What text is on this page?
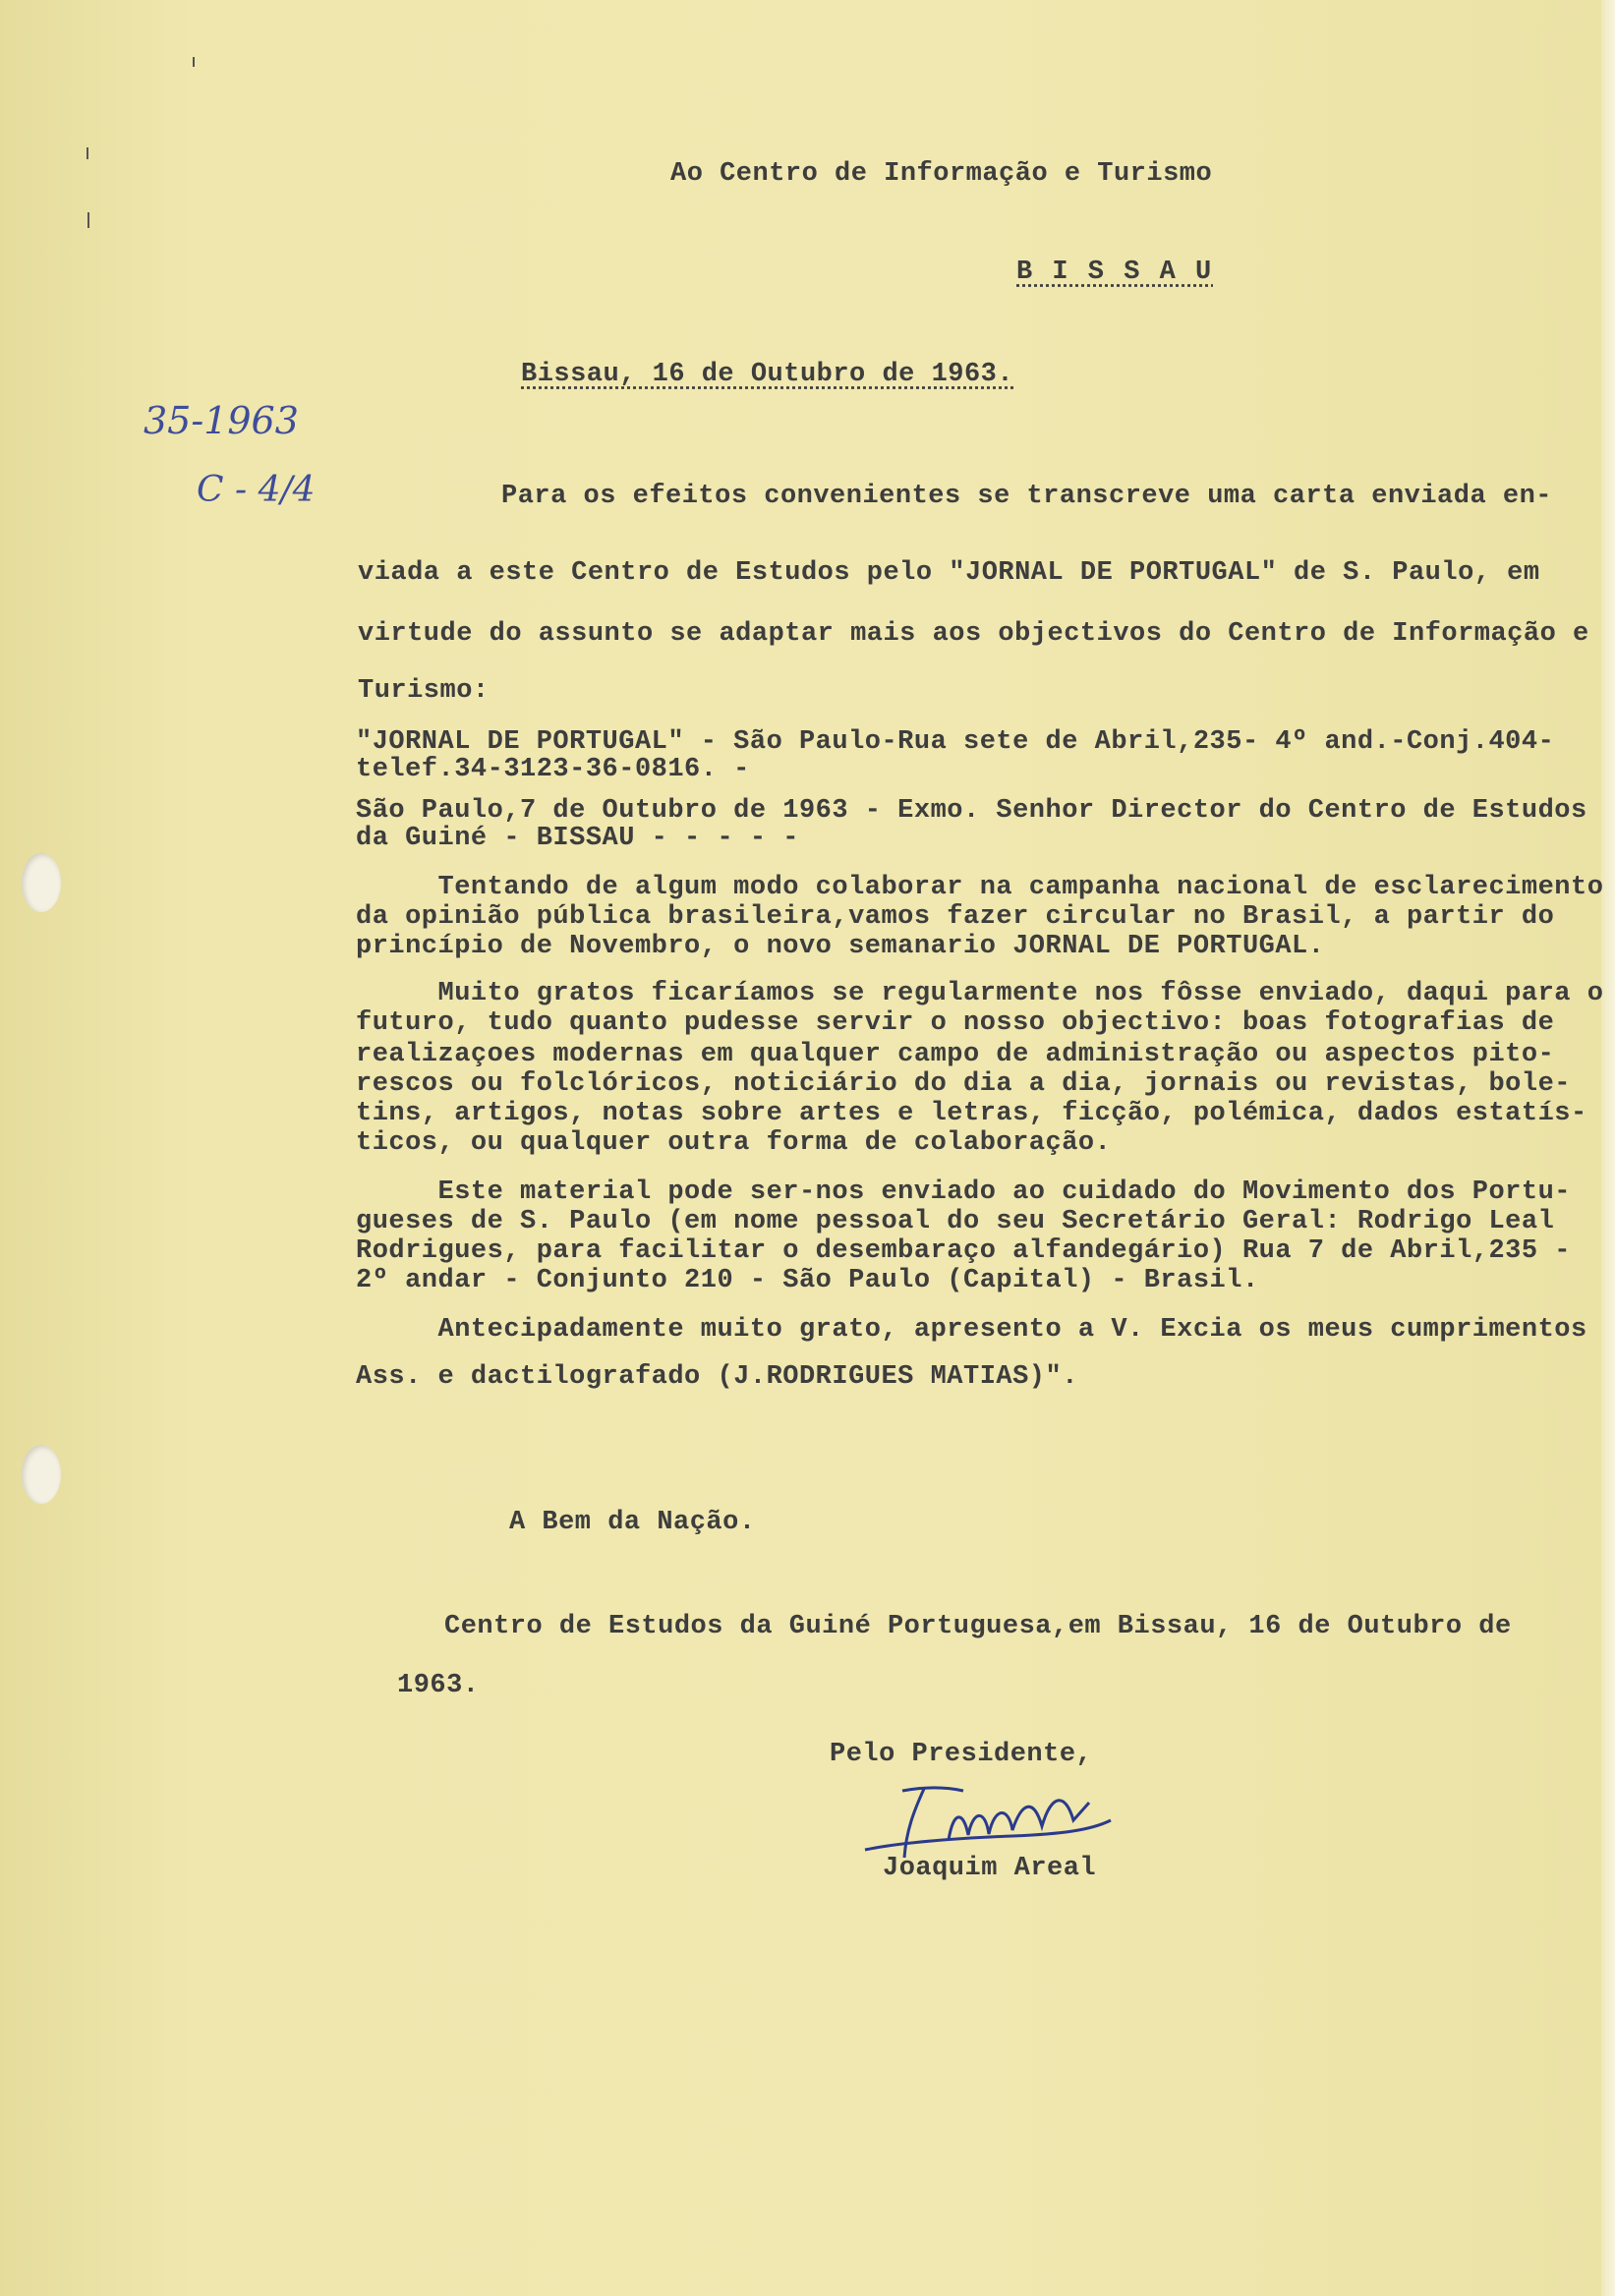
Ao Centro de Informação e Turismo

B I S S A U

Bissau, 16 de Outubro de 1963.

35-1963
C - 4/4	Para os efeitos convenientes se transcreve uma carta enviada en-

viada a este Centro de Estudos pelo "JORNAL DE PORTUGAL" de S. Paulo, em

virtude do assunto se adaptar mais aos objectivos do Centro de Informação e

Turismo:

"JORNAL DE PORTUGAL" - São Paulo-Rua sete de Abril,235- 4º and.-Conj.404-

telef.34-3123-36-0816. -

São Paulo,7 de Outubro de 1963 - Exmo. Senhor Director do Centro de Estudos

da Guiné - BISSAU - - - - -

Tentando de algum modo colaborar na campanha nacional de esclarecimento

da opinião pública brasileira,vamos fazer circular no Brasil, a partir do

princípio de Novembro, o novo semanario JORNAL DE PORTUGAL.

Muito gratos ficaríamos se regularmente nos fôsse enviado, daqui para o

futuro, tudo quanto pudesse servir o nosso objectivo: boas fotografias de

realizaçoes modernas em qualquer campo de administração ou aspectos pito-

rescos ou folclóricos, noticiário do dia a dia, jornais ou revistas, bole-

tins, artigos, notas sobre artes e letras, ficção, polémica, dados estatís-

ticos, ou qualquer outra forma de colaboração.

Este material pode ser-nos enviado ao cuidado do Movimento dos Portu-

gueses de S. Paulo (em nome pessoal do seu Secretário Geral: Rodrigo Leal

Rodrigues, para facilitar o desembaraço alfandegário) Rua 7 de Abril,235 -

2º andar - Conjunto 210 - São Paulo (Capital) - Brasil.

Antecipadamente muito grato, apresento a V. Excia os meus cumprimentos

Ass. e dactilografado (J.RODRIGUES MATIAS)".

A Bem da Nação.

Centro de Estudos da Guiné Portuguesa,em Bissau, 16 de Outubro de

1963.

Pelo Presidente,

Joaquim Areal
